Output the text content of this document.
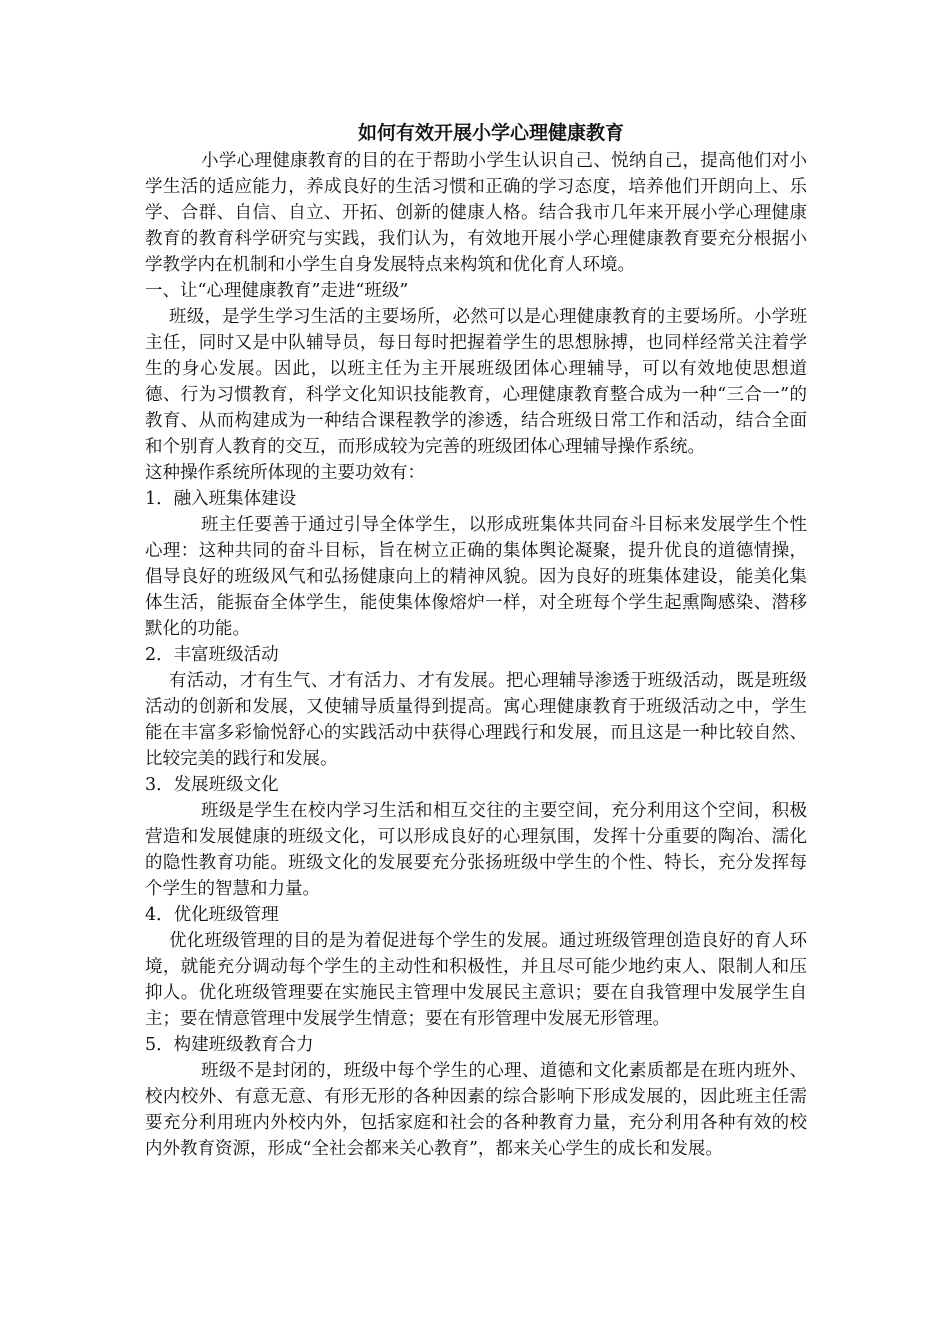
如何有效开展小学心理健康教育

小学心理健康教育的目的在于帮助小学生认识自己、悦纳自己，提高他们对小学生活的适应能力，养成良好的生活习惯和正确的学习态度，培养他们开朗向上、乐学、合群、自信、自立、开拓、创新的健康人格。结合我市几年来开展小学心理健康教育的教育科学研究与实践，我们认为，有效地开展小学心理健康教育要充分根据小学教学内在机制和小学生自身发展特点来构筑和优化育人环境。

一、让“心理健康教育”走进“班级”

班级，是学生学习生活的主要场所，必然可以是心理健康教育的主要场所。小学班主任，同时又是中队辅导员，每日每时把握着学生的思想脉搏，也同样经常关注着学生的身心发展。因此，以班主任为主开展班级团体心理辅导，可以有效地使思想道德、行为习惯教育，科学文化知识技能教育，心理健康教育整合成为一种“三合一”的教育、从而构建成为一种结合课程教学的渗透，结合班级日常工作和活动，结合全面和个别育人教育的交互，而形成较为完善的班级团体心理辅导操作系统。

这种操作系统所体现的主要功效有：

1．融入班集体建设

班主任要善于通过引导全体学生，以形成班集体共同奋斗目标来发展学生个性心理：这种共同的奋斗目标，旨在树立正确的集体舆论凝聚，提升优良的道德情操，倡导良好的班级风气和弘扬健康向上的精神风貌。因为良好的班集体建设，能美化集体生活，能振奋全体学生，能使集体像熔炉一样，对全班每个学生起熏陶感染、潜移默化的功能。

2．丰富班级活动

有活动，才有生气、才有活力、才有发展。把心理辅导渗透于班级活动，既是班级活动的创新和发展，又使辅导质量得到提高。寓心理健康教育于班级活动之中，学生能在丰富多彩愉悦舒心的实践活动中获得心理践行和发展，而且这是一种比较自然、比较完美的践行和发展。

3．发展班级文化

班级是学生在校内学习生活和相互交往的主要空间，充分利用这个空间，积极营造和发展健康的班级文化，可以形成良好的心理氛围，发挥十分重要的陶冶、濡化的隐性教育功能。班级文化的发展要充分张扬班级中学生的个性、特长，充分发挥每个学生的智慧和力量。

4．优化班级管理

优化班级管理的目的是为着促进每个学生的发展。通过班级管理创造良好的育人环境，就能充分调动每个学生的主动性和积极性，并且尽可能少地约束人、限制人和压抑人。优化班级管理要在实施民主管理中发展民主意识；要在自我管理中发展学生自主；要在情意管理中发展学生情意；要在有形管理中发展无形管理。

5．构建班级教育合力

班级不是封闭的，班级中每个学生的心理、道德和文化素质都是在班内班外、校内校外、有意无意、有形无形的各种因素的综合影响下形成发展的，因此班主任需要充分利用班内外校内外，包括家庭和社会的各种教育力量，充分利用各种有效的校内外教育资源，形成“全社会都来关心教育”，都来关心学生的成长和发展。
